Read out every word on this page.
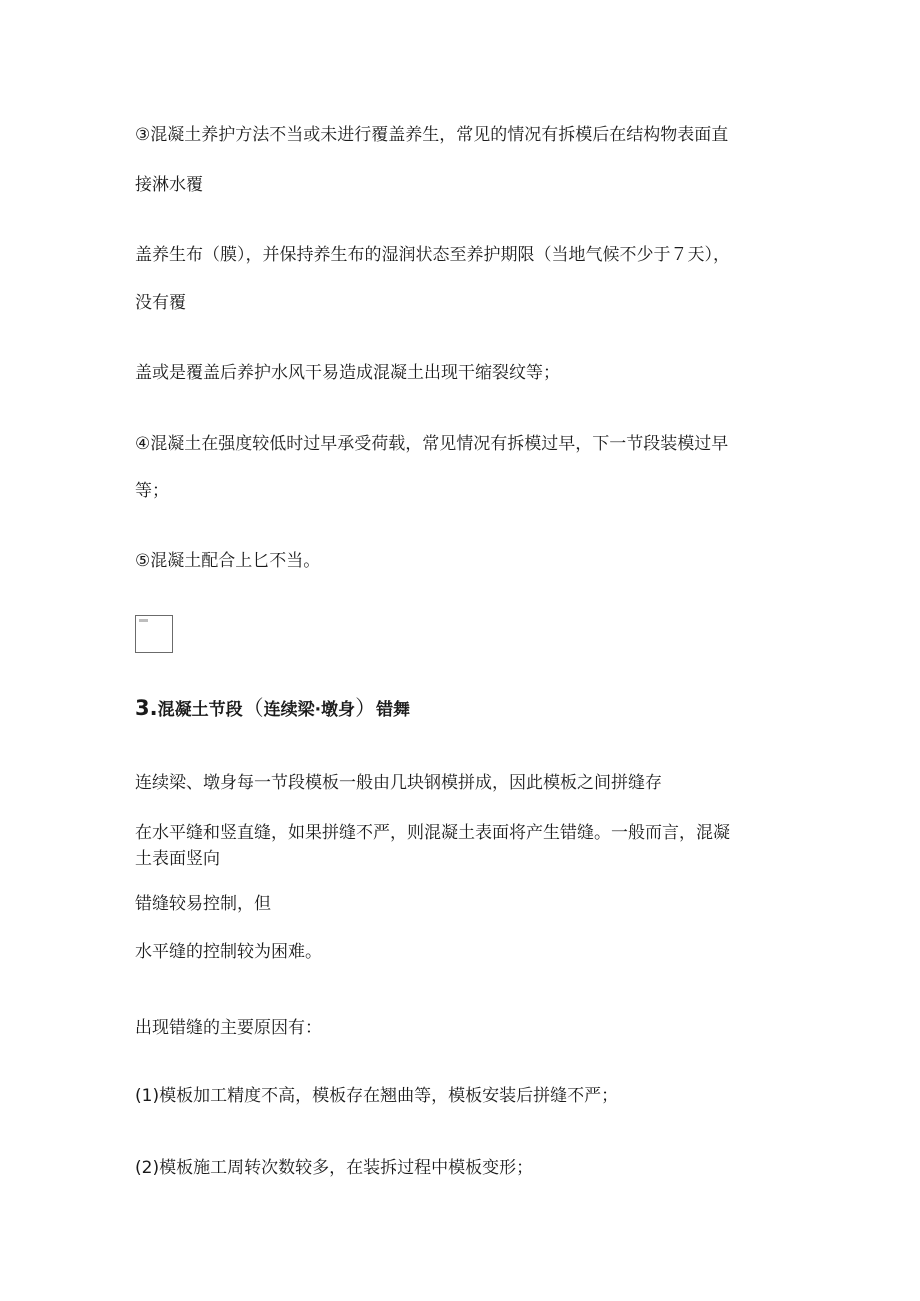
③混凝土养护方法不当或未进行覆盖养生，常见的情况有拆模后在结构物表面直

接淋水覆

盖养生布（膜），并保持养生布的湿润状态至养护期限（当地气候不少于７天），

没有覆

盖或是覆盖后养护水风干易造成混凝土出现干缩裂纹等；

④混凝土在强度较低时过早承受荷载，常见情况有拆模过早，下一节段装模过早

等；

⑤混凝土配合上匕不当。

3.混凝土节段（连续梁·墩身）错舞

连续梁、墩身每一节段模板一般由几块钢模拼成，因此模板之间拼缝存

在水平缝和竖直缝，如果拼缝不严，则混凝土表面将产生错缝。一般而言，混凝

土表面竖向

错缝较易控制，但

水平缝的控制较为困难。

出现错缝的主要原因有：

(1)模板加工精度不高，模板存在翘曲等，模板安装后拼缝不严；

(2)模板施工周转次数较多，在装拆过程中模板变形；
